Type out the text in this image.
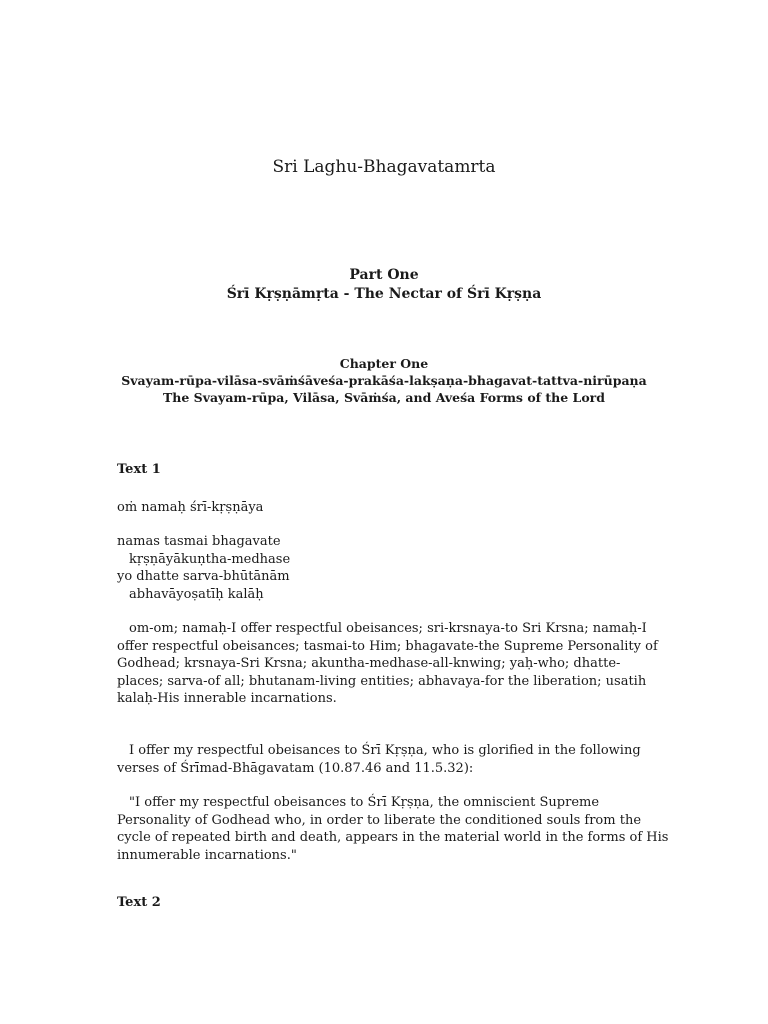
Sri Laghu-Bhagavatamrta
Part One
Śrī Kṛṣṇāmṛta - The Nectar of Śrī Kṛṣṇa
Chapter One
Svayam-rūpa-vilāsa-svāṁśāveśa-prakāśa-lakṣaṇa-bhagavat-tattva-nirūpaṇa
The Svayam-rūpa, Vilāsa, Svāṁśa, and Aveśa Forms of the Lord
Text 1
oṁ namaḥ śrī-kṛṣṇāya
namas tasmai bhagavate
kṛṣṇāyākuṇtha-medhase
yo dhatte sarva-bhūtānām
abhavāyoṣatīḥ kalāḥ
om-om; namaḥ-I offer respectful obeisances; sri-krsnaya-to Sri Krsna; namaḥ-I
offer respectful obeisances; tasmai-to Him; bhagavate-the Supreme Personality of
Godhead; krsnaya-Sri Krsna; akuntha-medhase-all-knwing; yaḥ-who; dhatte-
places; sarva-of all; bhutanam-living entities; abhavaya-for the liberation; usatih
kalaḥ-His innerable incarnations.
I offer my respectful obeisances to Śrī Kṛṣṇa, who is glorified in the following
verses of Śrīmad-Bhāgavatam (10.87.46 and 11.5.32):
"I offer my respectful obeisances to Śrī Kṛṣṇa, the omniscient Supreme
Personality of Godhead who, in order to liberate the conditioned souls from the
cycle of repeated birth and death, appears in the material world in the forms of His
innumerable incarnations."
Text 2
